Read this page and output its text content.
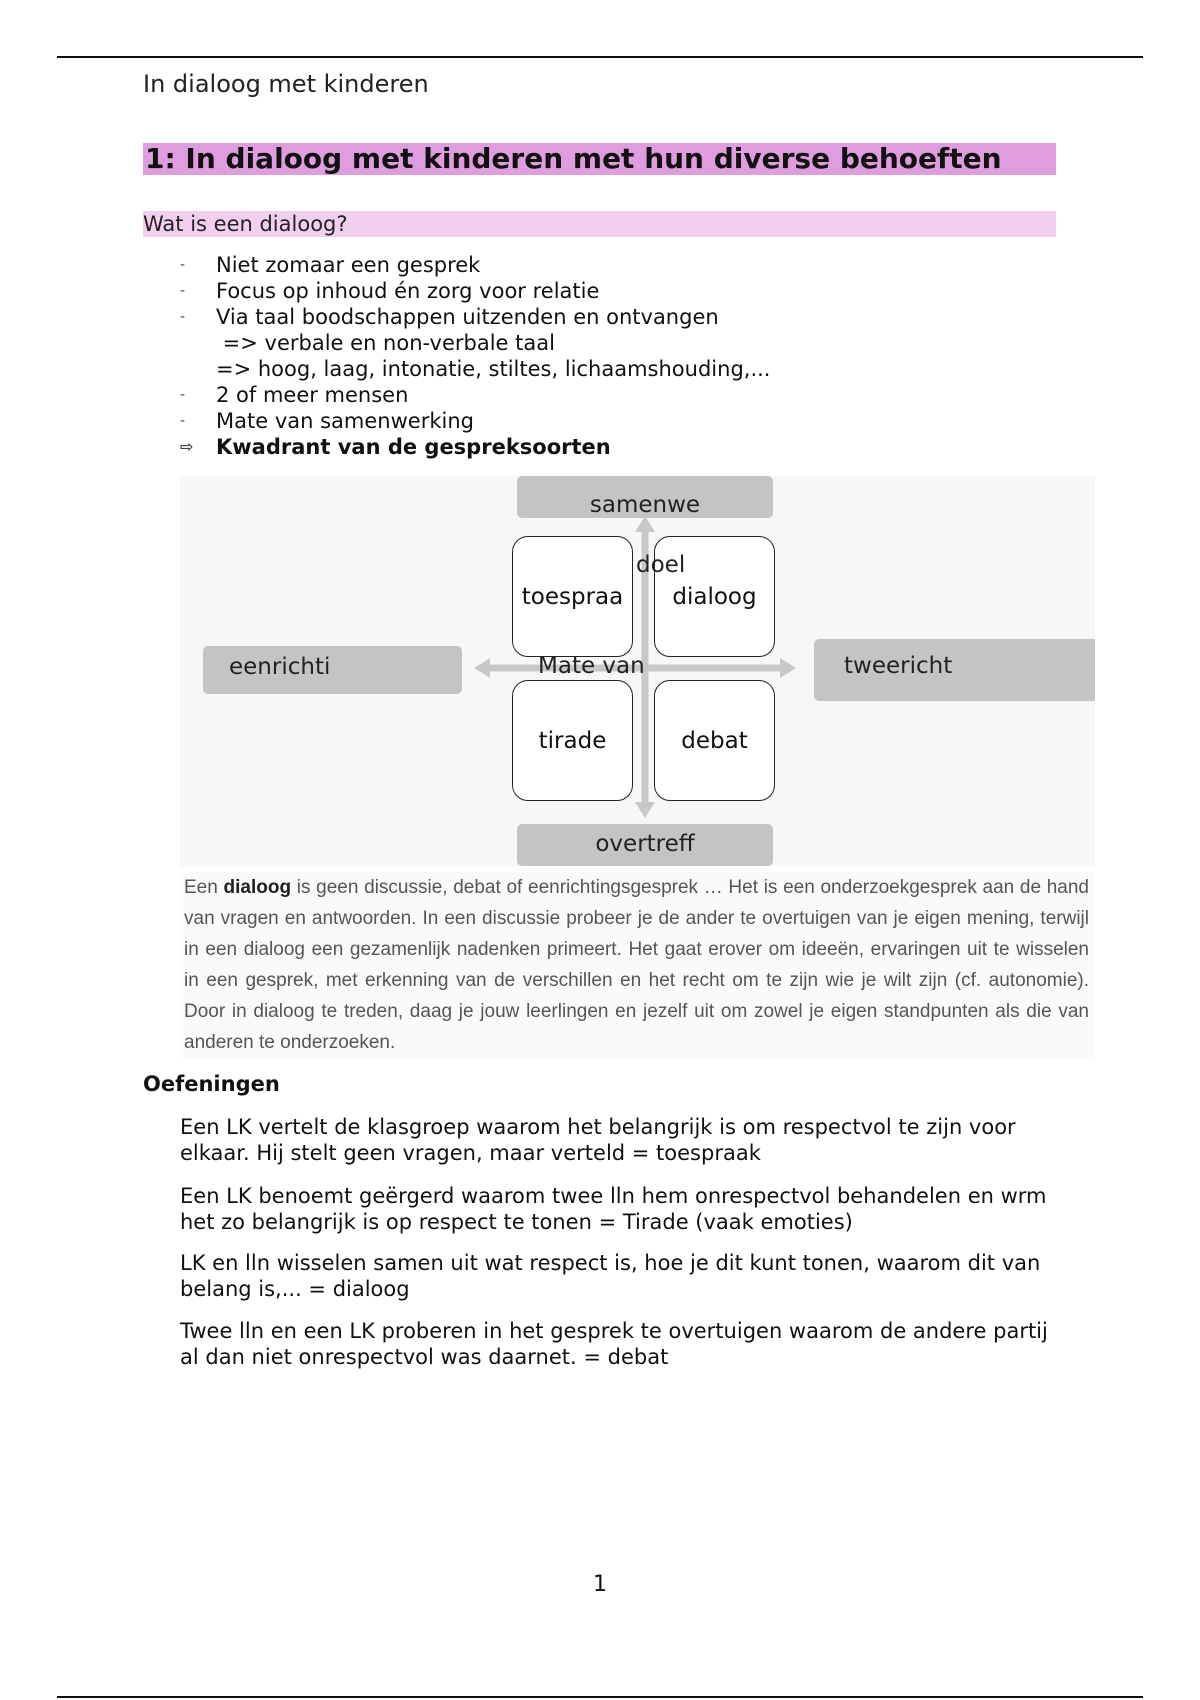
In dialoog met kinderen
1: In dialoog met kinderen met hun diverse behoeften
Wat is een dialoog?
-	Niet zomaar een gesprek
-	Focus op inhoud én zorg voor relatie
-	Via taal boodschappen uitzenden en ontvangen
=> verbale en non-verbale taal
=> hoog, laag, intonatie, stiltes, lichaamshouding,...
-	2 of meer mensen
-	Mate van samenwerking
⇨	Kwadrant van de gespreksoorten
samenwe
overtreff
eenrichti	tweericht
toespraa dialoog
tirade	debat
doel
Mate van
Een dialoog is geen discussie, debat of eenrichtingsgesprek … Het is een onderzoekgesprek aan de hand van vragen en antwoorden. In een discussie probeer je de ander te overtuigen van je eigen mening, terwijl in een dialoog een gezamenlijk nadenken primeert. Het gaat erover om ideeën, ervaringen uit te wisselen in een gesprek, met erkenning van de verschillen en het recht om te zijn wie je wilt zijn (cf. autonomie). Door in dialoog te treden, daag je jouw leerlingen en jezelf uit om zowel je eigen standpunten als die van anderen te onderzoeken.
Oefeningen
Een LK vertelt de klasgroep waarom het belangrijk is om respectvol te zijn voor elkaar. Hij stelt geen vragen, maar verteld = toespraak
Een LK benoemt geërgerd waarom twee lln hem onrespectvol behandelen en wrm het zo belangrijk is op respect te tonen = Tirade (vaak emoties)
LK en lln wisselen samen uit wat respect is, hoe je dit kunt tonen, waarom dit van belang is,... = dialoog
Twee lln en een LK proberen in het gesprek te overtuigen waarom de andere partij al dan niet onrespectvol was daarnet. = debat
1
